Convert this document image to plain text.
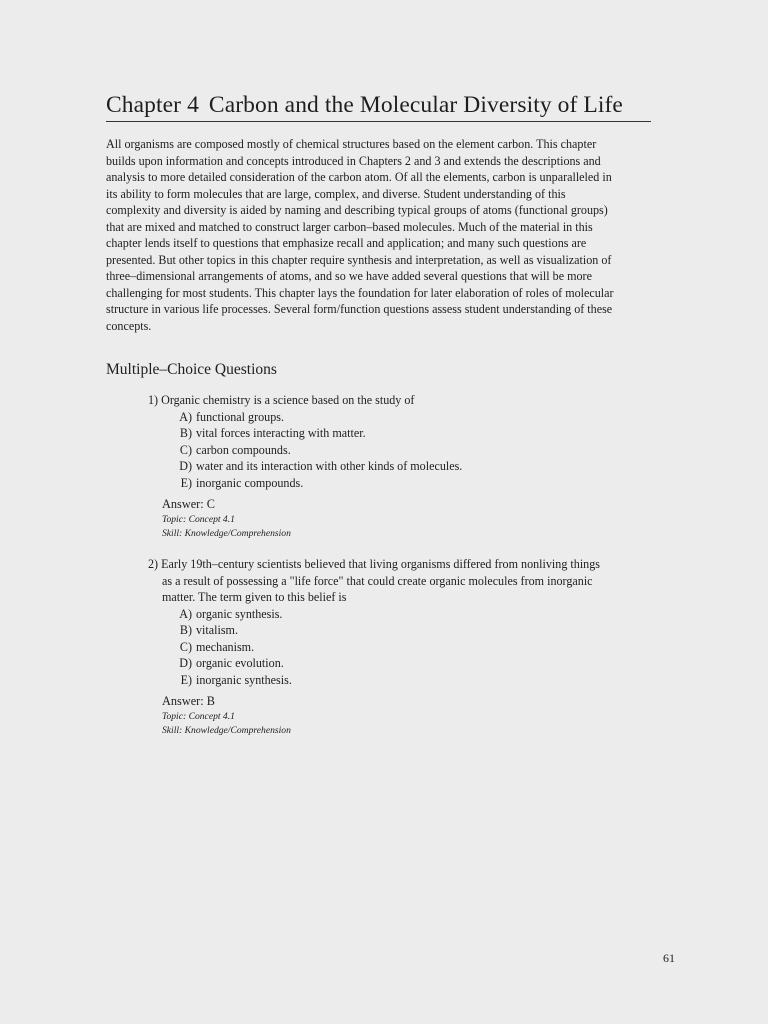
Chapter 4 Carbon and the Molecular Diversity of Life

All organisms are composed mostly of chemical structures based on the element carbon. This chapter
builds upon information and concepts introduced in Chapters 2 and 3 and extends the descriptions and
analysis to more detailed consideration of the carbon atom. Of all the elements, carbon is unparalleled in
its ability to form molecules that are large, complex, and diverse. Student understanding of this
complexity and diversity is aided by naming and describing typical groups of atoms (functional groups)
that are mixed and matched to construct larger carbon–based molecules. Much of the material in this
chapter lends itself to questions that emphasize recall and application; and many such questions are
presented. But other topics in this chapter require synthesis and interpretation, as well as visualization of
three–dimensional arrangements of atoms, and so we have added several questions that will be more
challenging for most students. This chapter lays the foundation for later elaboration of roles of molecular
structure in various life processes. Several form/function questions assess student understanding of these
concepts.

Multiple–Choice Questions
1) Organic chemistry is a science based on the study of
A) functional groups.
B) vital forces interacting with matter.
C) carbon compounds.
D) water and its interaction with other kinds of molecules.
E) inorganic compounds.
Answer: C
Topic: Concept 4.1
Skill: Knowledge/Comprehension
2) Early 19th–century scientists believed that living organisms differed from nonliving things
as a result of possessing a "life force" that could create organic molecules from inorganic
matter. The term given to this belief is
A) organic synthesis.
B) vitalism.
C) mechanism.
D) organic evolution.
E) inorganic synthesis.
Answer: B
Topic: Concept 4.1
Skill: Knowledge/Comprehension
61
